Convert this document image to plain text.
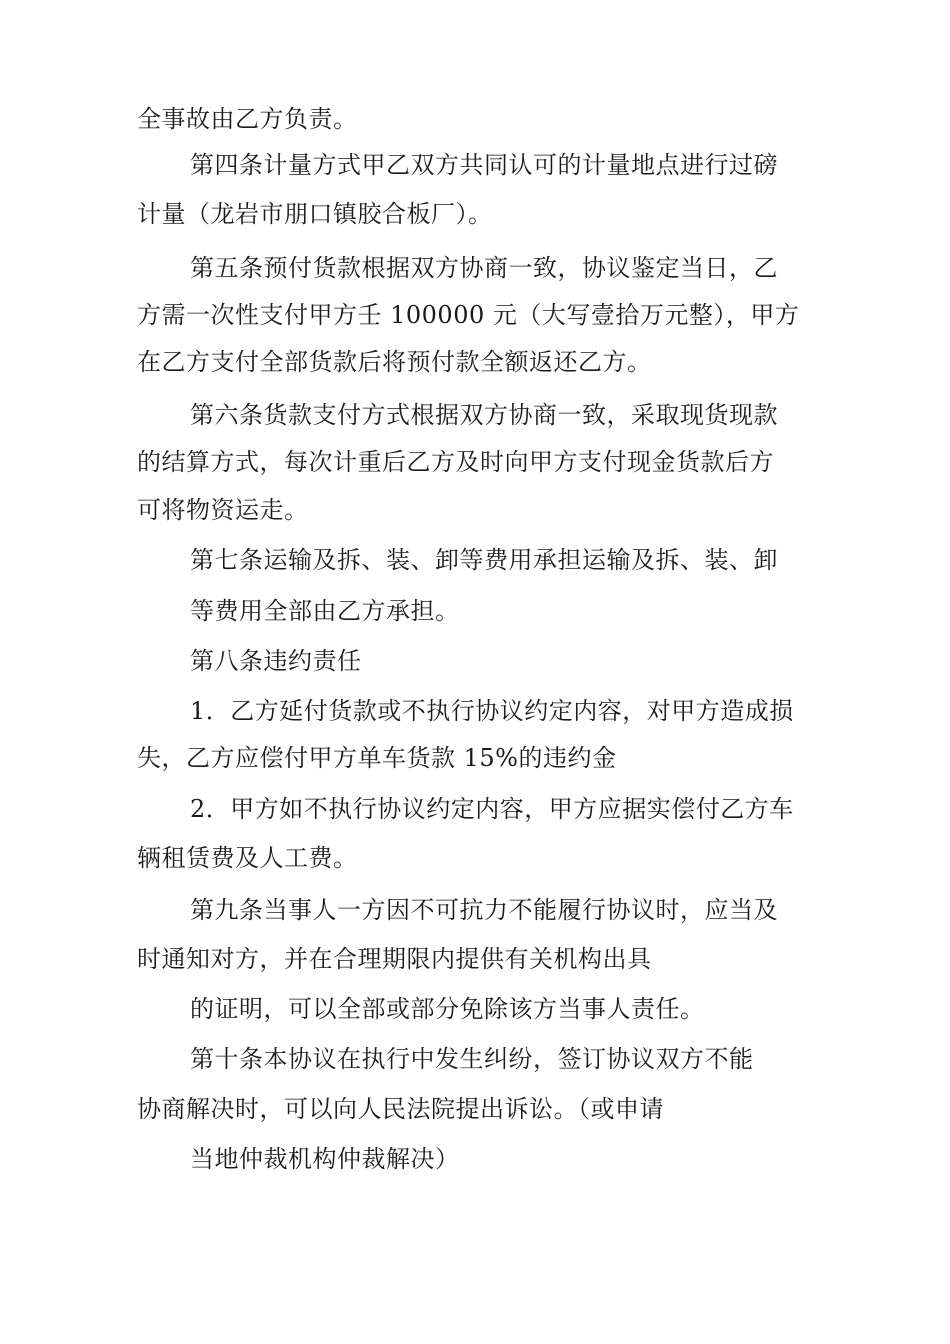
全事故由乙方负责。
第四条计量方式甲乙双方共同认可的计量地点进行过磅
计量（龙岩市朋口镇胶合板厂）。
第五条预付货款根据双方协商一致，协议鉴定当日，乙
方需一次性支付甲方壬 100000 元（大写壹拾万元整），甲方
在乙方支付全部货款后将预付款全额返还乙方。
第六条货款支付方式根据双方协商一致，采取现货现款
的结算方式，每次计重后乙方及时向甲方支付现金货款后方
可将物资运走。
第七条运输及拆、装、卸等费用承担运输及拆、装、卸
等费用全部由乙方承担。
第八条违约责任
1．乙方延付货款或不执行协议约定内容，对甲方造成损
失，乙方应偿付甲方单车货款 15%的违约金
2．甲方如不执行协议约定内容，甲方应据实偿付乙方车
辆租赁费及人工费。
第九条当事人一方因不可抗力不能履行协议时，应当及
时通知对方，并在合理期限内提供有关机构出具
的证明，可以全部或部分免除该方当事人责任。
第十条本协议在执行中发生纠纷，签订协议双方不能
协商解决时，可以向人民法院提出诉讼。（或申请
当地仲裁机构仲裁解决）
